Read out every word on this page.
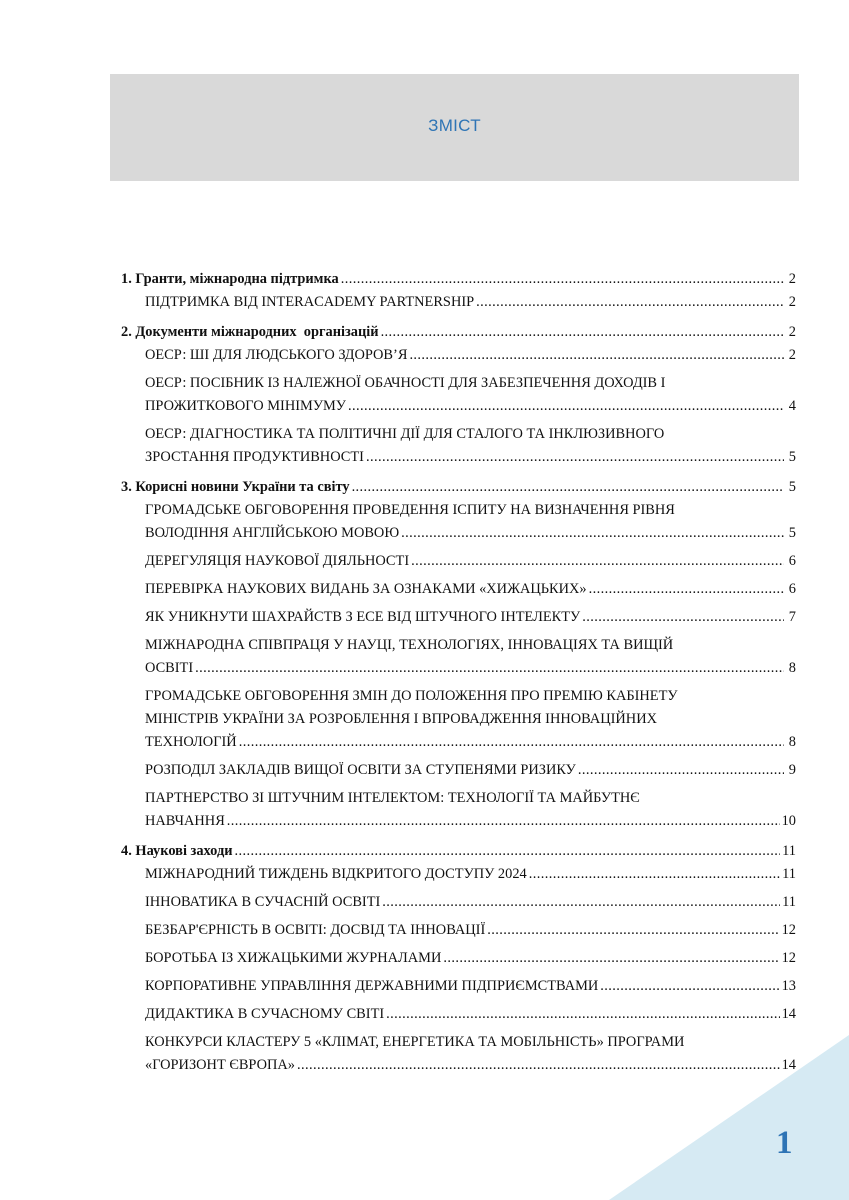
ЗМІСТ
1. Гранти, міжнародна підтримка .....	2
ПІДТРИМКА ВІД INTERACADEMY PARTNERSHIP .....	2
2. Документи міжнародних  організацій .....	2
ОЕСР: ШІ ДЛЯ ЛЮДСЬКОГО ЗДОРОВ’Я .....	2
ОЕСР: ПОСІБНИК ІЗ НАЛЕЖНОЇ ОБАЧНОСТІ ДЛЯ ЗАБЕЗПЕЧЕННЯ ДОХОДІВ І
ПРОЖИТКОВОГО МІНІМУМУ .....	4
ОЕСР: ДІАГНОСТИКА ТА ПОЛІТИЧНІ ДІЇ ДЛЯ СТАЛОГО ТА ІНКЛЮЗИВНОГО
ЗРОСТАННЯ ПРОДУКТИВНОСТІ .....	5
3. Корисні новини України та світу .....	5
ГРОМАДСЬКЕ ОБГОВОРЕННЯ ПРОВЕДЕННЯ ІСПИТУ НА ВИЗНАЧЕННЯ РІВНЯ
ВОЛОДІННЯ АНГЛІЙСЬКОЮ МОВОЮ .....	5
ДЕРЕГУЛЯЦІЯ НАУКОВОЇ ДІЯЛЬНОСТІ .....	6
ПЕРЕВІРКА НАУКОВИХ ВИДАНЬ ЗА ОЗНАКАМИ «ХИЖАЦЬКИХ» .....	6
ЯК УНИКНУТИ ШАХРАЙСТВ З ЕСЕ ВІД ШТУЧНОГО ІНТЕЛЕКТУ .....	7
МІЖНАРОДНА СПІВПРАЦЯ У НАУЦІ, ТЕХНОЛОГІЯХ, ІННОВАЦІЯХ ТА ВИЩІЙ
ОСВІТІ .....	8
ГРОМАДСЬКЕ ОБГОВОРЕННЯ ЗМІН ДО ПОЛОЖЕННЯ ПРО ПРЕМІЮ КАБІНЕТУ
МІНІСТРІВ УКРАЇНИ ЗА РОЗРОБЛЕННЯ І ВПРОВАДЖЕННЯ ІННОВАЦІЙНИХ
ТЕХНОЛОГІЙ .....	8
РОЗПОДІЛ ЗАКЛАДІВ ВИЩОЇ ОСВІТИ ЗА СТУПЕНЯМИ РИЗИКУ .....	9
ПАРТНЕРСТВО ЗІ ШТУЧНИМ ІНТЕЛЕКТОМ: ТЕХНОЛОГІЇ ТА МАЙБУТНЄ
НАВЧАННЯ .....	10
4. Наукові заходи .....	11
МІЖНАРОДНИЙ ТИЖДЕНЬ ВІДКРИТОГО ДОСТУПУ 2024 .....	11
ІННОВАТИКА В СУЧАСНІЙ ОСВІТІ .....	11
БЕЗБАР'ЄРНІСТЬ В ОСВІТІ: ДОСВІД ТА ІННОВАЦІЇ .....	12
БОРОТЬБА ІЗ ХИЖАЦЬКИМИ ЖУРНАЛАМИ .....	12
КОРПОРАТИВНЕ УПРАВЛІННЯ ДЕРЖАВНИМИ ПІДПРИЄМСТВАМИ .....	13
ДИДАКТИКА В СУЧАСНОМУ СВІТІ .....	14
КОНКУРСИ КЛАСТЕРУ 5 «КЛІМАТ, ЕНЕРГЕТИКА ТА МОБІЛЬНІСТЬ» ПРОГРАМИ
«ГОРИЗОНТ ЄВРОПА» .....	14
1
